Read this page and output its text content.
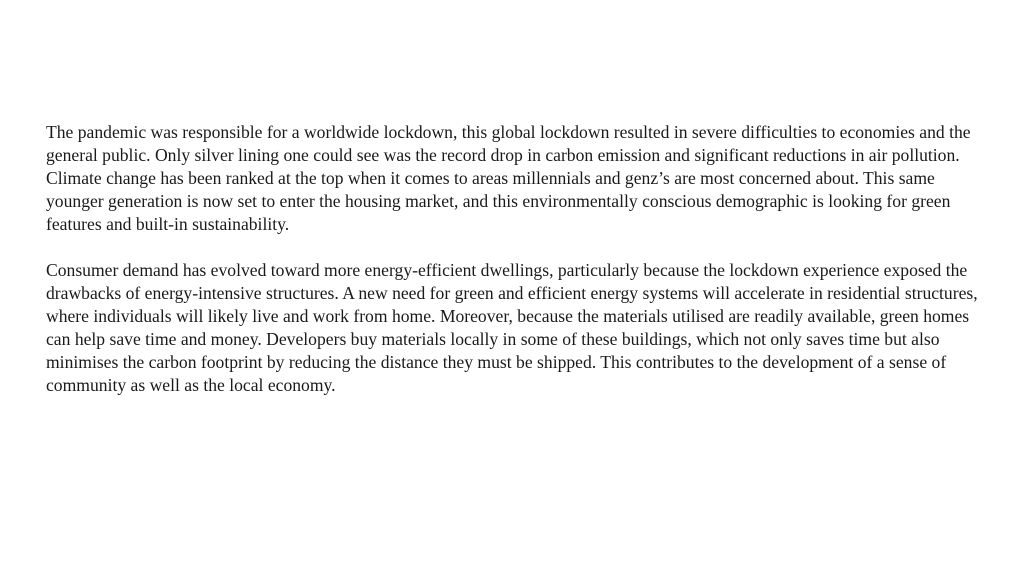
The pandemic was responsible for a worldwide lockdown, this global lockdown resulted in severe difficulties to economies and the general public. Only silver lining one could see was the record drop in carbon emission and significant reductions in air pollution. Climate change has been ranked at the top when it comes to areas millennials and genz’s are most concerned about. This same younger generation is now set to enter the housing market, and this environmentally conscious demographic is looking for green features and built-in sustainability.

Consumer demand has evolved toward more energy-efficient dwellings, particularly because the lockdown experience exposed the drawbacks of energy-intensive structures. A new need for green and efficient energy systems will accelerate in residential structures, where individuals will likely live and work from home. Moreover, because the materials utilised are readily available, green homes can help save time and money. Developers buy materials locally in some of these buildings, which not only saves time but also minimises the carbon footprint by reducing the distance they must be shipped. This contributes to the development of a sense of community as well as the local economy.
